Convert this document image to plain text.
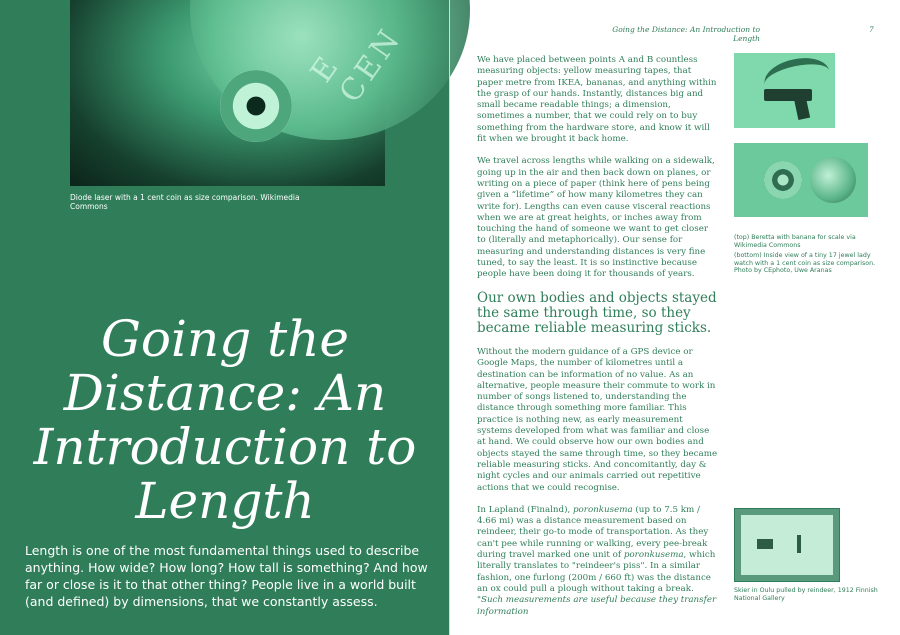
E CEN
Diode laser with a 1 cent coin as size comparison. Wikimedia Commons
Going the Distance: An Introduction to Length
Length is one of the most fundamental things used to describe anything. How wide? How long? How tall is something? And how far or close is it to that other thing? People live in a world built (and defined) by dimensions, that we constantly assess.
Going the Distance: An Introduction to Length
7

We have placed between points A and B countless measuring objects: yellow measuring tapes, that paper metre from IKEA, bananas, and anything within the grasp of our hands. Instantly, distances big and small became readable things; a dimension, sometimes a number, that we could rely on to buy something from the hardware store, and know it will fit when we brought it back home.

We travel across lengths while walking on a sidewalk, going up in the air and then back down on planes, or writing on a piece of paper (think here of pens being given a “lifetime” of how many kilometres they can write for). Lengths can even cause visceral reactions when we are at great heights, or inches away from touching the hand of someone we want to get closer to (literally and metaphorically). Our sense for measuring and understanding distances is very fine tuned, to say the least. It is so instinctive because people have been doing it for thousands of years.

Our own bodies and objects stayed the same through time, so they became reliable measuring sticks.

Without the modern guidance of a GPS device or Google Maps, the number of kilometres until a destination can be information of no value. As an alternative, people measure their commute to work in number of songs listened to, understanding the distance through something more familiar. This practice is nothing new, as early measurement systems developed from what was familiar and close at hand. We could observe how our own bodies and objects stayed the same through time, so they became reliable measuring sticks. And concomitantly, day & night cycles and our animals carried out repetitive actions that we could recognise.

In Lapland (Finalnd), poronkusema (up to 7.5 km / 4.66 mi) was a distance measurement based on reindeer, their go-to mode of transportation. As they can't pee while running or walking, every pee-break during travel marked one unit of poronkusema, which literally translates to "reindeer's piss". In a similar fashion, one furlong (200m / 660 ft) was the distance an ox could pull a plough without taking a break. "Such measurements are useful because they transfer information

(top) Beretta with banana for scale via Wikimedia Commons
(bottom) Inside view of a tiny 17 jewel lady watch with a 1 cent coin as size comparison. Photo by CEphoto, Uwe Aranas
Skier in Oulu pulled by reindeer, 1912 Finnish National Gallery
